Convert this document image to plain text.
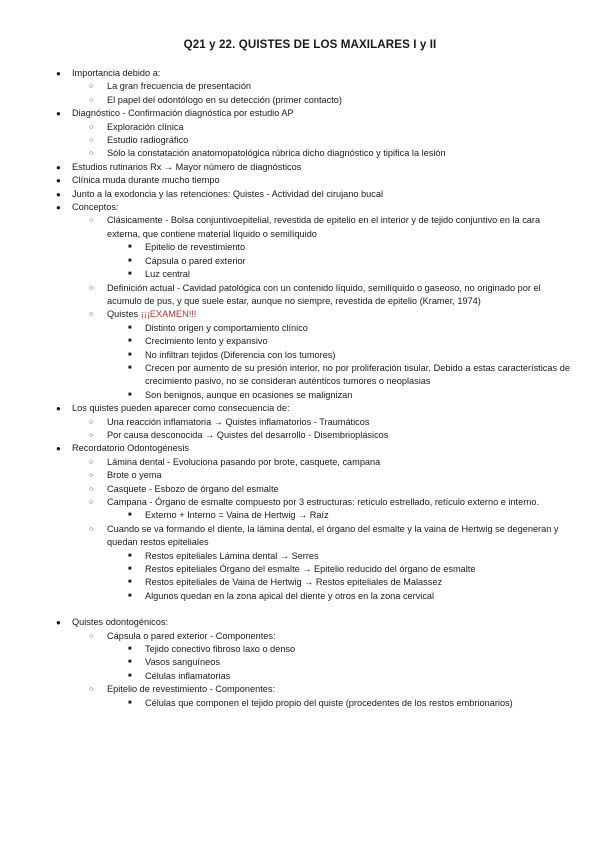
Q21 y 22. QUISTES DE LOS MAXILARES I y II
● Importancia debido a:
○ La gran frecuencia de presentación
○ El papel del odontólogo en su detección (primer contacto)
● Diagnóstico - Confirmación diagnóstica por estudio AP
○ Exploración clínica
○ Estudio radiográfico
○ Sólo la constatación anatomopatológica rúbrica dicho diagnóstico y tipifica la lesión
● Estudios rutinarios Rx → Mayor número de diagnósticos
● Clínica muda durante mucho tiempo
● Junto a la exodoncia y las retenciones: Quistes - Actividad del cirujano bucal
● Conceptos:
○ Clásicamente - Bolsa conjuntivoepitelial, revestida de epitelio en el interior y de tejido conjuntivo en la cara externa, que contiene material líquido o semilíquido
■ Epitelio de revestimiento
■ Cápsula o pared exterior
■ Luz central
○ Definición actual - Cavidad patológica con un contenido líquido, semilíquido o gaseoso, no originado por el acumulo de pus, y que suele estar, aunque no siempre, revestida de epitelio (Kramer, 1974)
○ Quistes ¡¡¡EXAMEN!!!
■ Distinto origen y comportamiento clínico
■ Crecimiento lento y expansivo
■ No infiltran tejidos (Diferencia con los tumores)
■ Crecen por aumento de su presión interior, no por proliferación tisular. Debido a estas características de crecimiento pasivo, no se consideran auténticos tumores o neoplasias
■ Son benignos, aunque en ocasiones se malignizan
● Los quistes pueden aparecer como consecuencia de:
○ Una reacción inflamatoria → Quistes inflamatorios - Traumáticos
○ Por causa desconocida → Quistes del desarrollo - Disembrioplásicos
● Recordatorio Odontogénesis
○ Lámina dental - Evoluciona pasando por brote, casquete, campana
○ Brote o yema
○ Casquete - Esbozo de órgano del esmalte
○ Campana - Órgano de esmalte compuesto por 3 estructuras: retículo estrellado, retículo externo e interno.
■ Externo + Interno = Vaina de Hertwig → Raíz
○ Cuando se va formando el diente, la lámina dental, el órgano del esmalte y la vaina de Hertwig se degeneran y quedan restos epiteliales
■ Restos epiteliales Lámina dental → Serres
■ Restos epiteliales Órgano del esmalte → Epitelio reducido del órgano de esmalte
■ Restos epiteliales de Vaina de Hertwig → Restos epiteliales de Malassez
■ Algunos quedan en la zona apical del diente y otros en la zona cervical
● Quistes odontogénicos:
○ Cápsula o pared exterior - Componentes:
■ Tejido conectivo fibroso laxo o denso
■ Vasos sanguíneos
■ Células inflamatorias
○ Epitelio de revestimiento - Componentes:
■ Células que componen el tejido propio del quiste (procedentes de los restos embrionarios)
